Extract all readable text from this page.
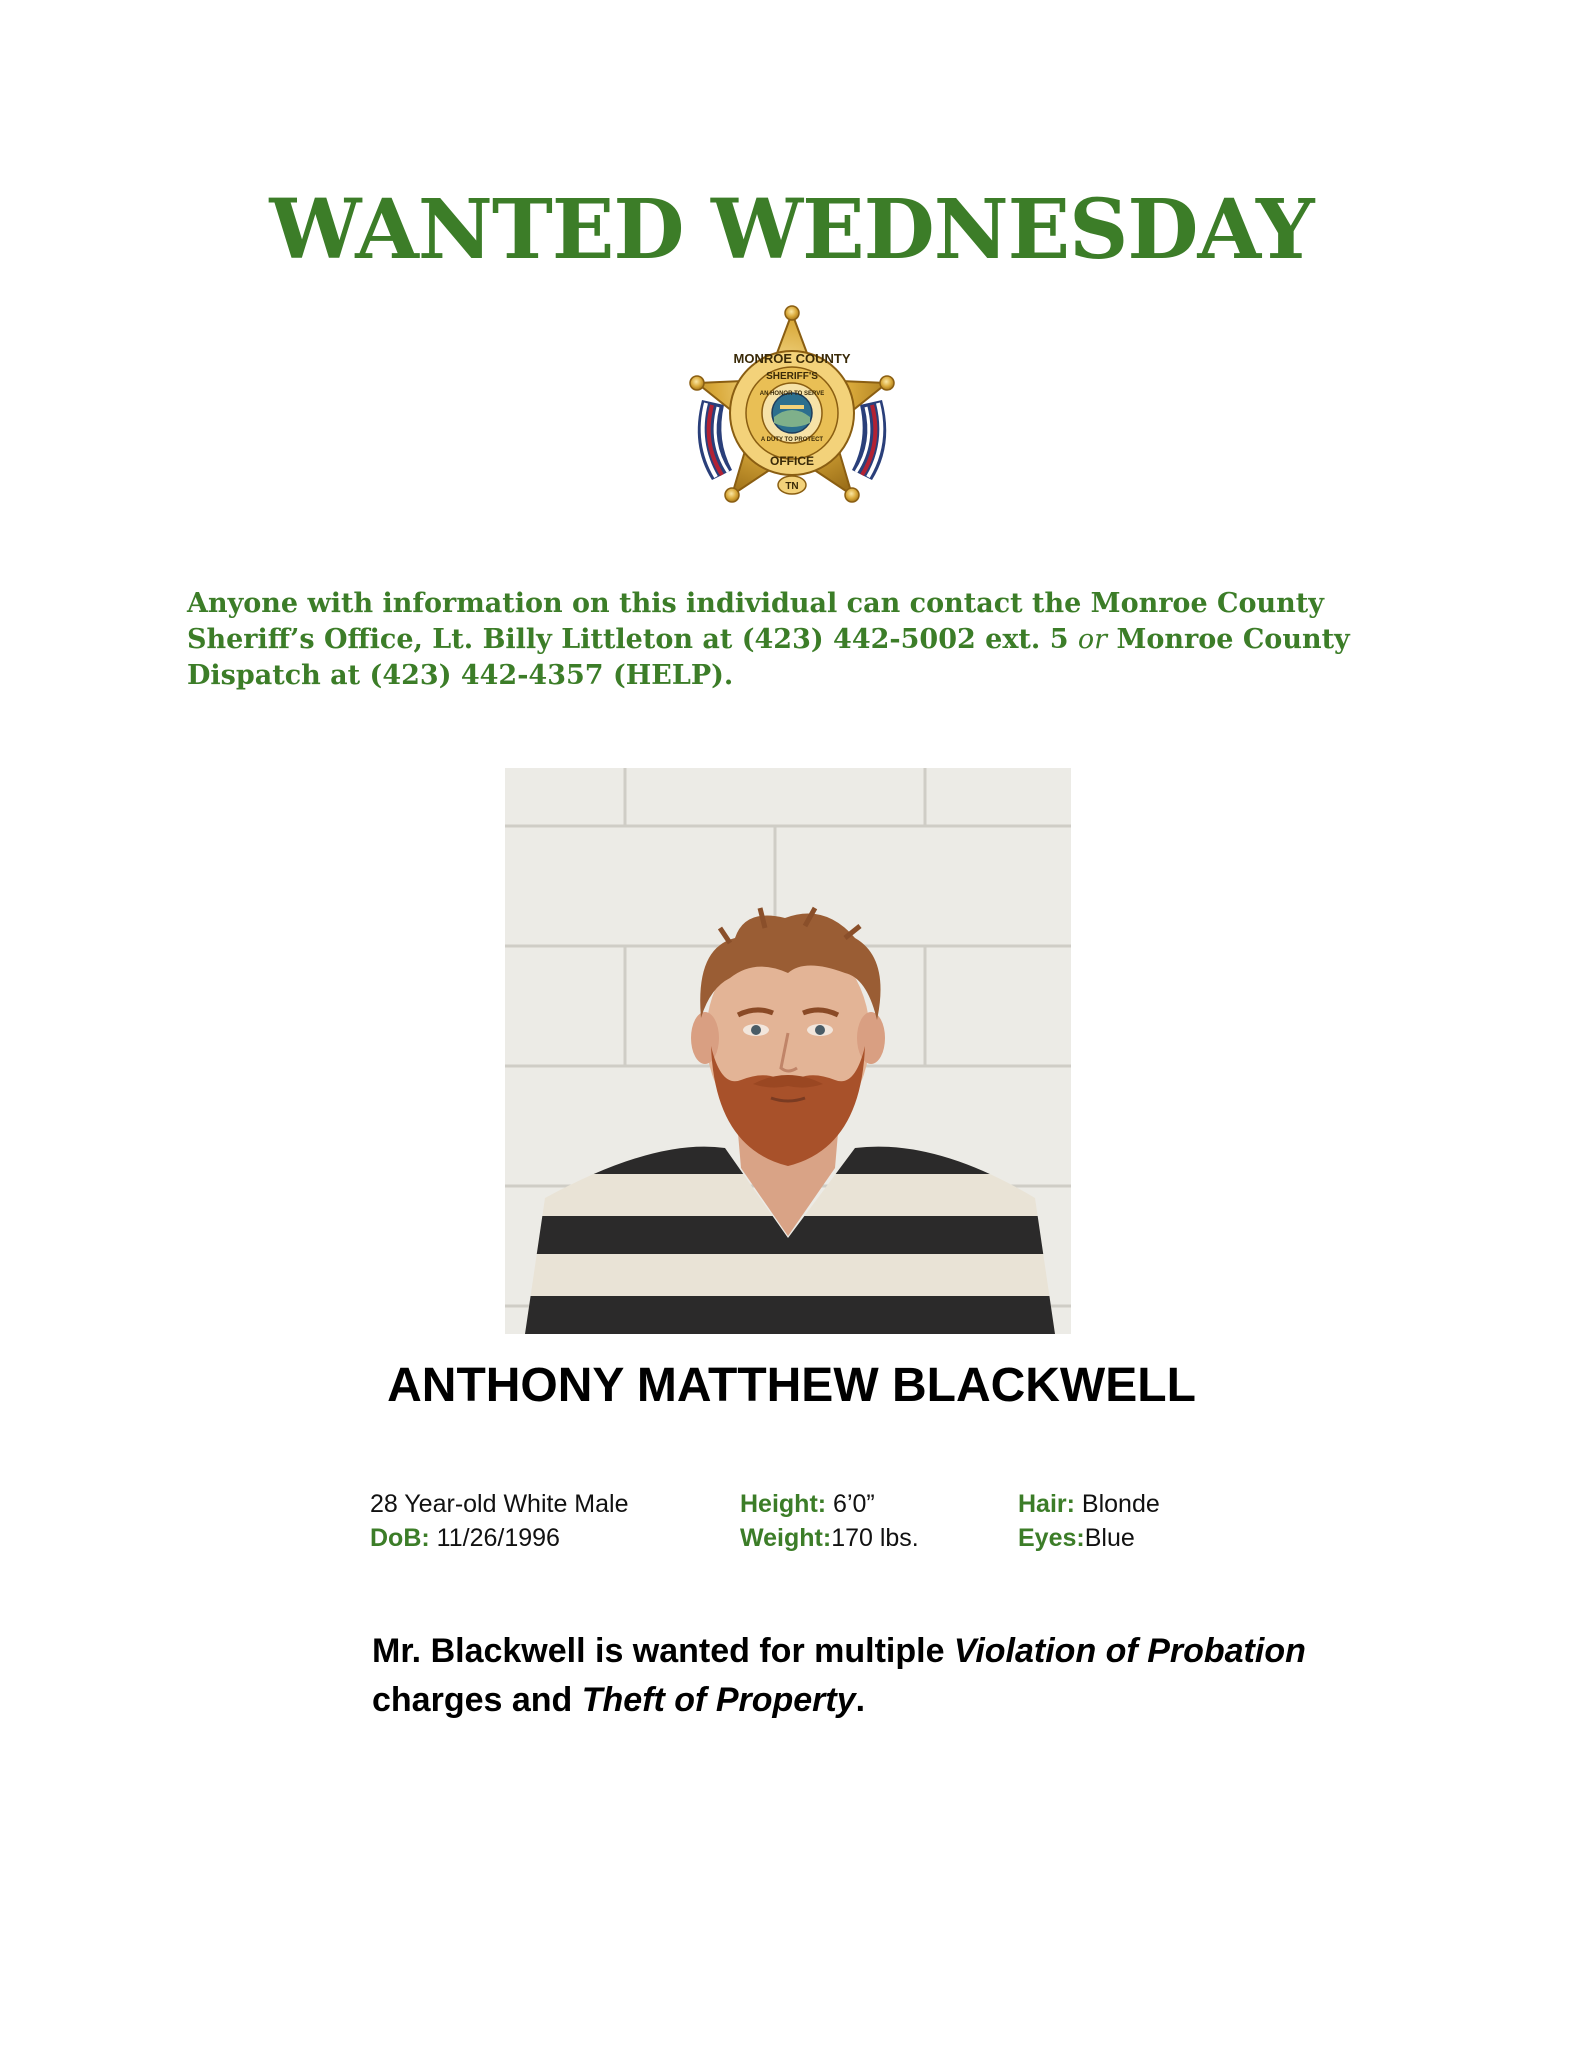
WANTED WEDNESDAY
MONROE COUNTY
SHERIFF'S
OFFICE
TN
AN HONOR TO SERVE
A DUTY TO PROTECT
Anyone with information on this individual can contact the Monroe County Sheriff’s Office, Lt. Billy Littleton at (423) 442-5002 ext. 5 or Monroe County Dispatch at (423) 442-4357 (HELP).
ANTHONY MATTHEW BLACKWELL
28 Year-old White Male
DoB: 11/26/1996
Height: 6’0”
Weight:170 lbs.
Hair: Blonde
Eyes:Blue
Mr. Blackwell is wanted for multiple Violation of Probation charges and Theft of Property.
